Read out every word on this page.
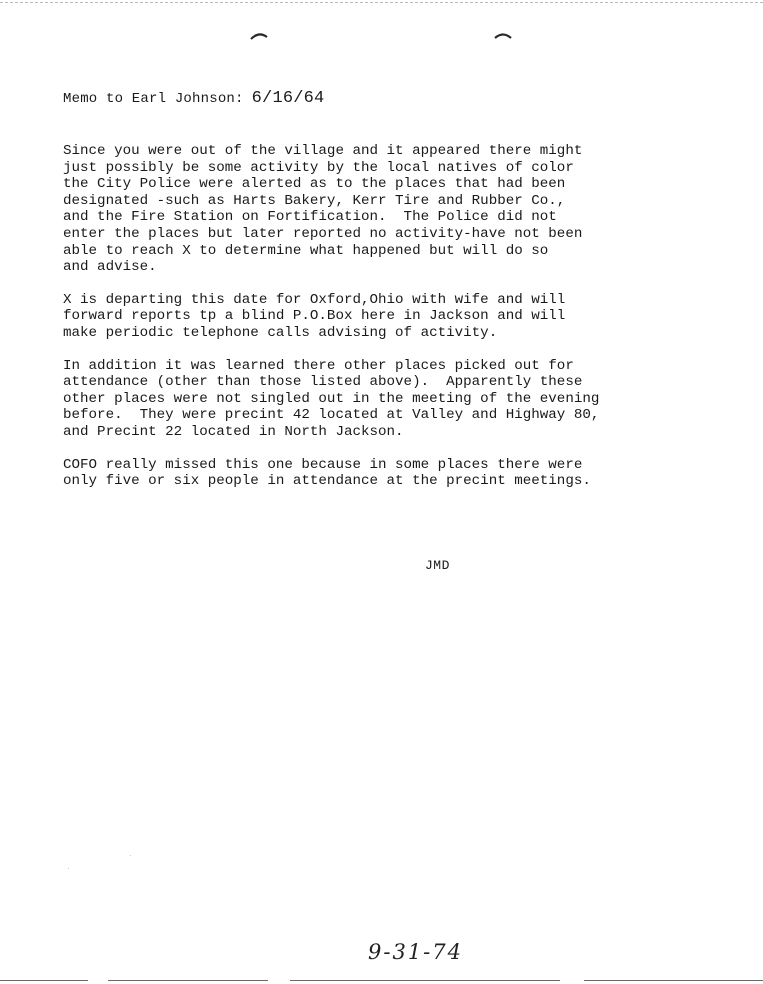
Memo to Earl Johnson: 6/16/64
Since you were out of the village and it appeared there might
just possibly be some activity by the local natives of color
the City Police were alerted as to the places that had been
designated -such as Harts Bakery, Kerr Tire and Rubber Co.,
and the Fire Station on Fortification.  The Police did not
enter the places but later reported no activity-have not been
able to reach X to determine what happened but will do so
and advise.
X is departing this date for Oxford,Ohio with wife and will
forward reports tp a blind P.O.Box here in Jackson and will
make periodic telephone calls advising of activity.
In addition it was learned there other places picked out for
attendance (other than those listed above).  Apparently these
other places were not singled out in the meeting of the evening
before.  They were precint 42 located at Valley and Highway 80,
and Precint 22 located in North Jackson.
COFO really missed this one because in some places there were
only five or six people in attendance at the precint meetings.
JMD
9-31-74
